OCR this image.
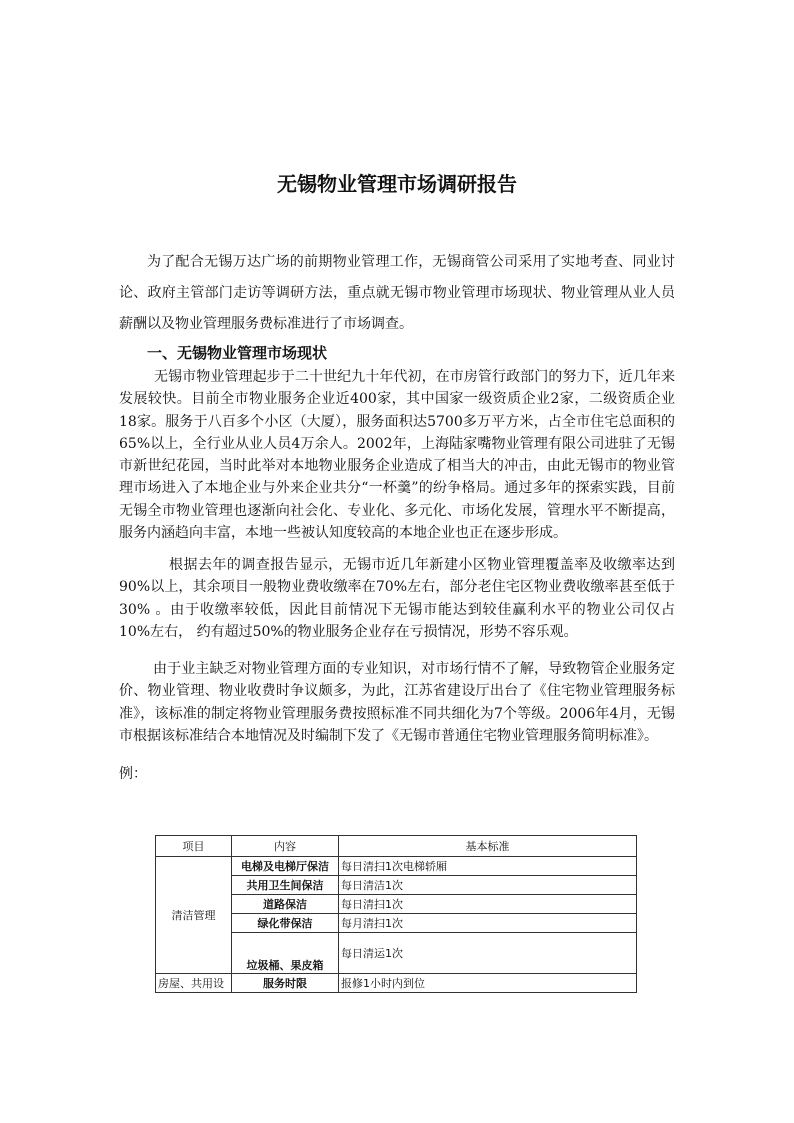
无锡物业管理市场调研报告

为了配合无锡万达广场的前期物业管理工作，无锡商管公司采用了实地考查、同业讨论、政府主管部门走访等调研方法，重点就无锡市物业管理市场现状、物业管理从业人员薪酬以及物业管理服务费标准进行了市场调查。

一、无锡物业管理市场现状

无锡市物业管理起步于二十世纪九十年代初，在市房管行政部门的努力下，近几年来发展较快。目前全市物业服务企业近400家，其中国家一级资质企业2家，二级资质企业18家。服务于八百多个小区（大厦），服务面积达5700多万平方米，占全市住宅总面积的65%以上，全行业从业人员4万余人。2002年，上海陆家嘴物业管理有限公司进驻了无锡市新世纪花园，当时此举对本地物业服务企业造成了相当大的冲击，由此无锡市的物业管理市场进入了本地企业与外来企业共分“一杯羹”的纷争格局。通过多年的探索实践，目前无锡全市物业管理也逐渐向社会化、专业化、多元化、市场化发展，管理水平不断提高，服务内涵趋向丰富，本地一些被认知度较高的本地企业也正在逐步形成。

根据去年的调查报告显示，无锡市近几年新建小区物业管理覆盖率及收缴率达到90%以上，其余项目一般物业费收缴率在70%左右，部分老住宅区物业费收缴率甚至低于30% 。由于收缴率较低，因此目前情况下无锡市能达到较佳赢利水平的物业公司仅占10%左右， 约有超过50%的物业服务企业存在亏损情况，形势不容乐观。

由于业主缺乏对物业管理方面的专业知识，对市场行情不了解，导致物管企业服务定价、物业管理、物业收费时争议颇多，为此，江苏省建设厅出台了《住宅物业管理服务标准》，该标准的制定将物业管理服务费按照标准不同共细化为7个等级。2006年4月，无锡市根据该标准结合本地情况及时编制下发了《无锡市普通住宅物业管理服务简明标准》。

例：
项目	内容	基本标准
清洁管理	电梯及电梯厅保洁	每日清扫1次电梯轿厢
	共用卫生间保洁	每日清洁1次
	道路保洁	每日清扫1次
	绿化带保洁	每月清扫1次
	垃圾桶、果皮箱	每日清运1次
房屋、共用设	服务时限	报修1小时内到位
